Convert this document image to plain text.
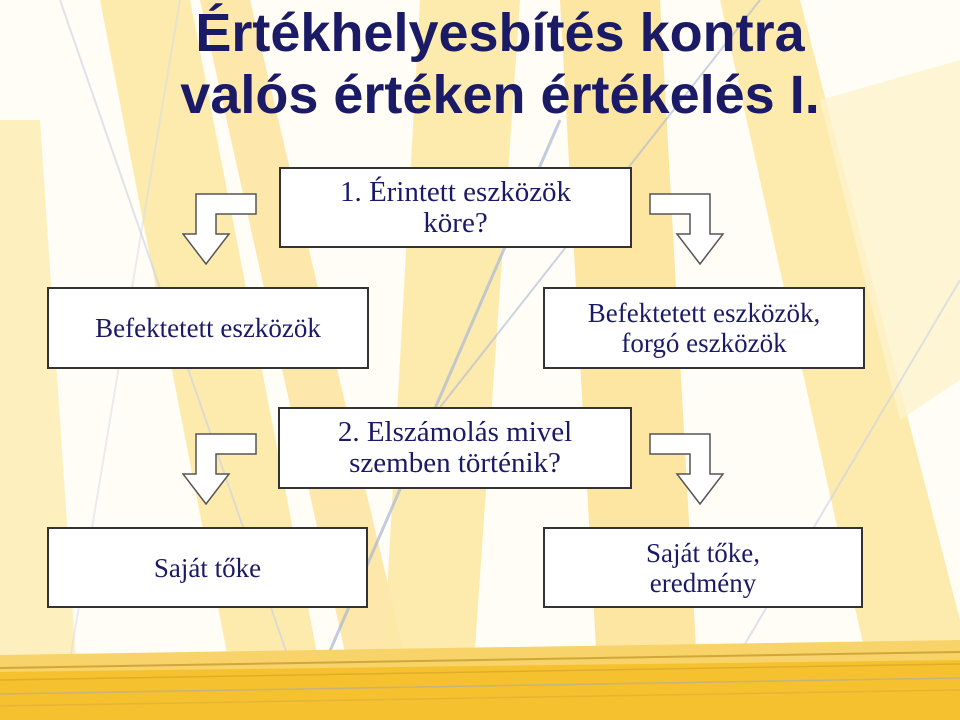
Értékhelyesbítés kontra
valós értéken értékelés I.
1. Érintett eszközök
köre?
Befektetett eszközök	Befektetett eszközök,
forgó eszközök
2. Elszámolás mivel
szemben történik?
Saját tőke	Saját tőke,
eredmény
